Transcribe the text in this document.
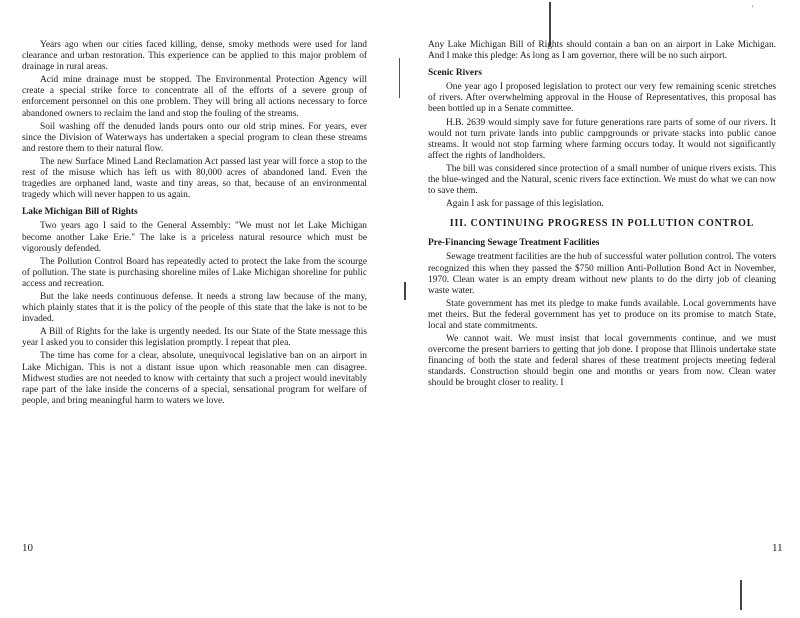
'

Years ago when our cities faced killing, dense, smoky methods were used for land clearance and urban restoration. This experience can be applied to this major problem of drainage in rural areas.

Acid mine drainage must be stopped. The Environmental Protection Agency will create a special strike force to concentrate all of the efforts of a severe group of enforcement personnel on this one problem. They will bring all actions necessary to force abandoned owners to reclaim the land and stop the fouling of the streams.

Soil washing off the denuded lands pours onto our old strip mines. For years, ever since the Division of Waterways has undertaken a special program to clean these streams and restore them to their natural flow.

The new Surface Mined Land Reclamation Act passed last year will force a stop to the rest of the misuse which has left us with 80,000 acres of abandoned land. Even the tragedies are orphaned land, waste and tiny areas, so that, because of an environmental tragedy which will never happen to us again.

Lake Michigan Bill of Rights

Two years ago I said to the General Assembly: "We must not let Lake Michigan become another Lake Erie." The lake is a priceless natural resource which must be vigorously defended.

The Pollution Control Board has repeatedly acted to protect the lake from the scourge of pollution. The state is purchasing shoreline miles of Lake Michigan shoreline for public access and recreation.

But the lake needs continuous defense. It needs a strong law because of the many, which plainly states that it is the policy of the people of this state that the lake is not to be invaded.

A Bill of Rights for the lake is urgently needed. Its our State of the State message this year I asked you to consider this legislation promptly. I repeat that plea.

The time has come for a clear, absolute, unequivocal legislative ban on an airport in Lake Michigan. This is not a distant issue upon which reasonable men can disagree. Midwest studies are not needed to know with certainty that such a project would inevitably rape part of the lake inside the concerns of a special, sensational program for welfare of people, and bring meaningful harm to waters we love.

10

Any Lake Michigan Bill of Rights should contain a ban on an airport in Lake Michigan. And I make this pledge: As long as I am governor, there will be no such airport.

Scenic Rivers

One year ago I proposed legislation to protect our very few remaining scenic stretches of rivers. After overwhelming approval in the House of Representatives, this proposal has been bottled up in a Senate committee.

H.B. 2639 would simply save for future generations rare parts of some of our rivers. It would not turn private lands into public campgrounds or private stacks into public canoe streams. It would not stop farming where farming occurs today. It would not significantly affect the rights of landholders.

The bill was considered since protection of a small number of unique rivers exists. This the blue-winged and the Natural, scenic rivers face extinction. We must do what we can now to save them.

Again I ask for passage of this legislation.

III. CONTINUING PROGRESS IN POLLUTION CONTROL
Pre-Financing Sewage Treatment Facilities

Sewage treatment facilities are the hub of successful water pollution control. The voters recognized this when they passed the $750 million Anti-Pollution Bond Act in November, 1970. Clean water is an empty dream without new plants to do the dirty job of cleaning waste water.

State government has met its pledge to make funds available. Local governments have met theirs. But the federal government has yet to produce on its promise to match State, local and state commitments.

We cannot wait. We must insist that local governments continue, and we must overcome the present barriers to getting that job done. I propose that Illinois undertake state financing of both the state and federal shares of these treatment projects meeting federal standards. Construction should begin one and months or years from now. Clean water should be brought closer to reality. I

11
